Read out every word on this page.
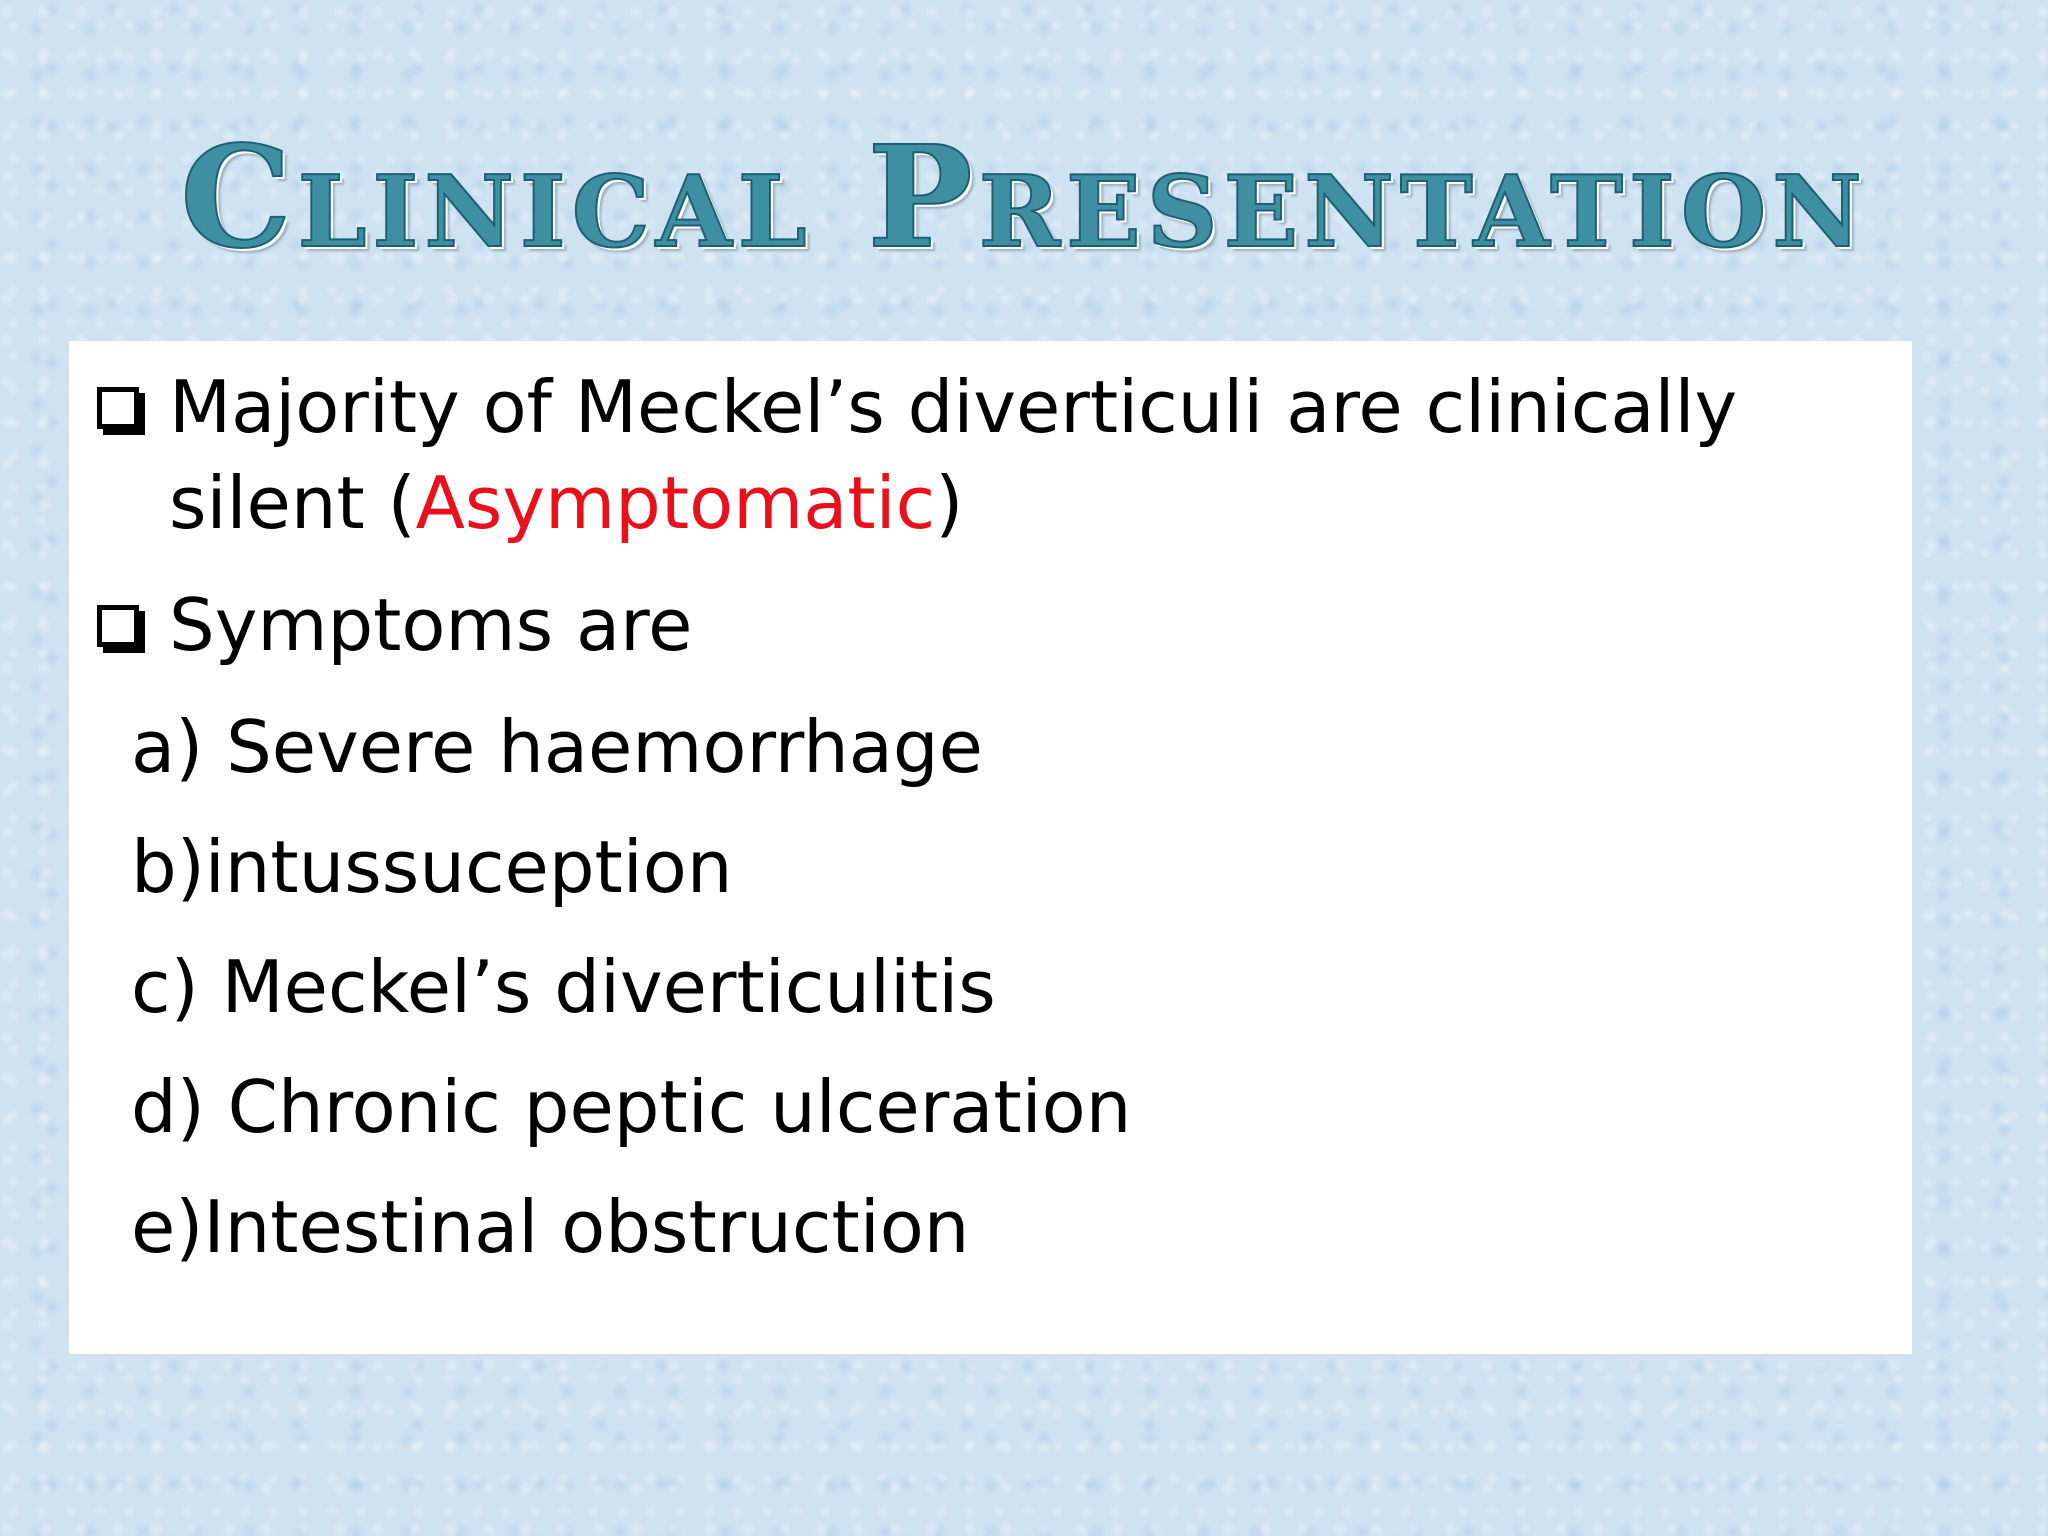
Clinical Presentation
Majority of Meckel’s diverticuli are clinically silent (Asymptomatic)
Symptoms are
a) Severe haemorrhage
b)intussuception
c) Meckel’s diverticulitis
d) Chronic peptic ulceration
e)Intestinal obstruction
